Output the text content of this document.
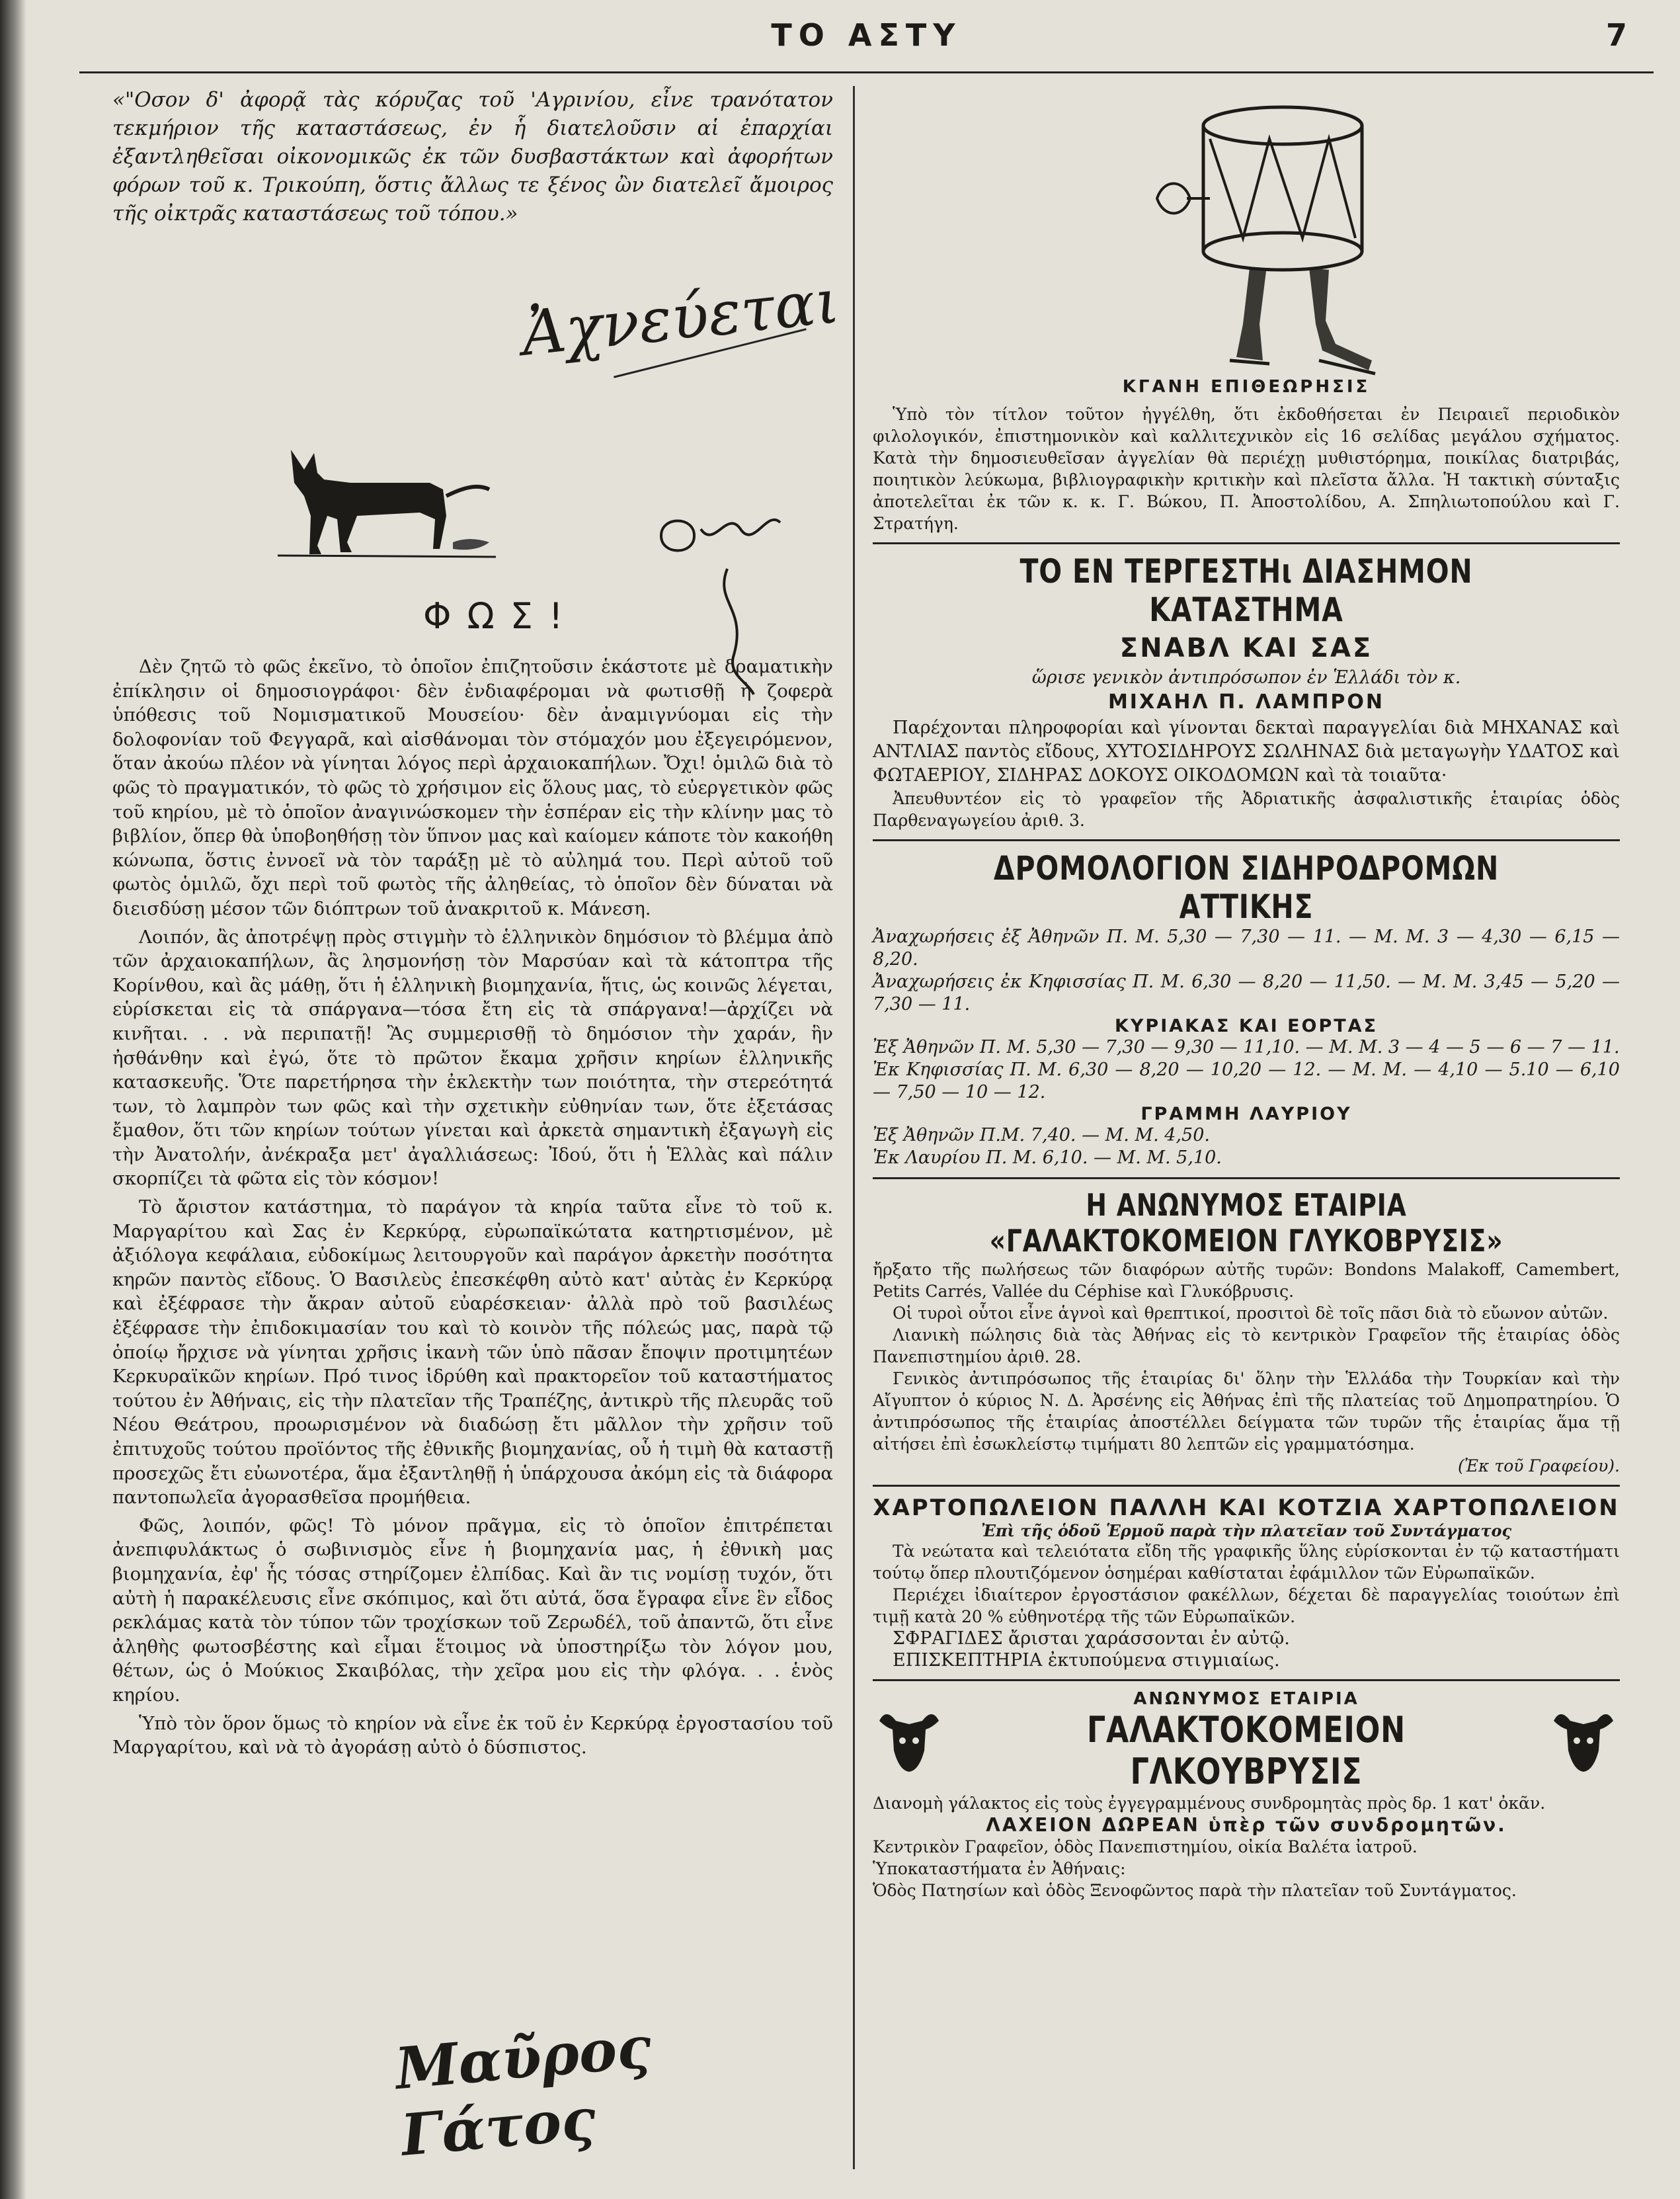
ΤΟ ΑΣΤΥ	7

«"Οσον δ' ἀφορᾷ τὰς κόρυζας τοῦ 'Αγρινίου, εἶνε τρανότατον τεκμήριον τῆς καταστάσεως, ἐν ἧ διατελοῦσιν αἱ ἐπαρχίαι ἐξαντληθεῖσαι οἰκονομικῶς ἐκ τῶν δυσβαστάκτων καὶ ἀφορήτων φόρων τοῦ κ. Τρικούπη, ὅστις ἄλλως τε ξένος ὢν διατελεῖ ἄμοιρος τῆς οἰκτρᾶς καταστάσεως τοῦ τόπου.»

Ἀχνεύεται
ὁμ ἡ
ΦΩΣ!

Δὲν ζητῶ τὸ φῶς ἐκεῖνο, τὸ ὁποῖον ἐπιζητοῦσιν ἑκάστοτε μὲ δραματικὴν ἐπίκλησιν οἱ δημοσιογράφοι· δὲν ἐνδιαφέρομαι νὰ φωτισθῇ ἡ ζοφερὰ ὑπόθεσις τοῦ Νομισματικοῦ Μουσείου· δὲν ἀναμιγνύομαι εἰς τὴν δολοφονίαν τοῦ Φεγγαρᾶ, καὶ αἰσθάνομαι τὸν στόμαχόν μου ἐξεγειρόμενον, ὅταν ἀκούω πλέον νὰ γίνηται λόγος περὶ ἀρχαιοκαπήλων. Ὄχι! ὁμιλῶ διὰ τὸ φῶς τὸ πραγματικόν, τὸ φῶς τὸ χρήσιμον εἰς ὅλους μας, τὸ εὐεργετικὸν φῶς τοῦ κηρίου, μὲ τὸ ὁποῖον ἀναγινώσκομεν τὴν ἑσπέραν εἰς τὴν κλίνην μας τὸ βιβλίον, ὅπερ θὰ ὑποβοηθήσῃ τὸν ὕπνον μας καὶ καίομεν κάποτε τὸν κακοήθη κώνωπα, ὅστις ἐννοεῖ νὰ τὸν ταράξῃ μὲ τὸ αὐλημά του. Περὶ αὐτοῦ τοῦ φωτὸς ὁμιλῶ, ὄχι περὶ τοῦ φωτὸς τῆς ἀληθείας, τὸ ὁποῖον δὲν δύναται νὰ διεισδύσῃ μέσον τῶν διόπτρων τοῦ ἀνακριτοῦ κ. Μάνεση.

Λοιπόν, ἂς ἀποτρέψῃ πρὸς στιγμὴν τὸ ἑλληνικὸν δημόσιον τὸ βλέμμα ἀπὸ τῶν ἀρχαιοκαπήλων, ἂς λησμονήσῃ τὸν Μαρσύαν καὶ τὰ κάτοπτρα τῆς Κορίνθου, καὶ ἂς μάθῃ, ὅτι ἡ ἑλληνικὴ βιομηχανία, ἥτις, ὡς κοινῶς λέγεται, εὑρίσκεται εἰς τὰ σπάργανα—τόσα ἔτη εἰς τὰ σπάργανα!—ἀρχίζει νὰ κινῆται. . . νὰ περιπατῇ! Ἂς συμμερισθῇ τὸ δημόσιον τὴν χαράν, ἣν ἠσθάνθην καὶ ἐγώ, ὅτε τὸ πρῶτον ἔκαμα χρῆσιν κηρίων ἑλληνικῆς κατασκευῆς. Ὅτε παρετήρησα τὴν ἐκλεκτὴν των ποιότητα, τὴν στερεότητά των, τὸ λαμπρὸν των φῶς καὶ τὴν σχετικὴν εὐθηνίαν των, ὅτε ἐξετάσας ἔμαθον, ὅτι τῶν κηρίων τούτων γίνεται καὶ ἀρκετὰ σημαντικὴ ἐξαγωγὴ εἰς τὴν Ἀνατολήν, ἀνέκραξα μετ' ἀγαλλιάσεως: Ἰδού, ὅτι ἡ Ἑλλὰς καὶ πάλιν σκορπίζει τὰ φῶτα εἰς τὸν κόσμον!

Τὸ ἄριστον κατάστημα, τὸ παράγον τὰ κηρία ταῦτα εἶνε τὸ τοῦ κ. Μαργαρίτου καὶ Σας ἐν Κερκύρᾳ, εὐρωπαϊκώτατα κατηρτισμένον, μὲ ἀξιόλογα κεφάλαια, εὐδοκίμως λειτουργοῦν καὶ παράγον ἀρκετὴν ποσότητα κηρῶν παντὸς εἴδους. Ὁ Βασιλεὺς ἐπεσκέφθη αὐτὸ κατ' αὐτὰς ἐν Κερκύρᾳ καὶ ἐξέφρασε τὴν ἄκραν αὐτοῦ εὐαρέσκειαν· ἀλλὰ πρὸ τοῦ βασιλέως ἐξέφρασε τὴν ἐπιδοκιμασίαν του καὶ τὸ κοινὸν τῆς πόλεώς μας, παρὰ τῷ ὁποίῳ ἤρχισε νὰ γίνηται χρῆσις ἱκανὴ τῶν ὑπὸ πᾶσαν ἔποψιν προτιμητέων Κερκυραϊκῶν κηρίων. Πρό τινος ἱδρύθη καὶ πρακτορεῖον τοῦ καταστήματος τούτου ἐν Ἀθήναις, εἰς τὴν πλατεῖαν τῆς Τραπέζης, ἀντικρὺ τῆς πλευρᾶς τοῦ Νέου Θεάτρου, προωρισμένον νὰ διαδώσῃ ἔτι μᾶλλον τὴν χρῆσιν τοῦ ἐπιτυχοῦς τούτου προϊόντος τῆς ἐθνικῆς βιομηχανίας, οὗ ἡ τιμὴ θὰ καταστῇ προσεχῶς ἔτι εὐωνοτέρα, ἅμα ἐξαντληθῇ ἡ ὑπάρχουσα ἀκόμη εἰς τὰ διάφορα παντοπωλεῖα ἀγορασθεῖσα προμήθεια.

Φῶς, λοιπόν, φῶς! Τὸ μόνον πρᾶγμα, εἰς τὸ ὁποῖον ἐπιτρέπεται ἀνεπιφυλάκτως ὁ σωβινισμὸς εἶνε ἡ βιομηχανία μας, ἡ ἐθνικὴ μας βιομηχανία, ἐφ' ἧς τόσας στηρίζομεν ἐλπίδας. Καὶ ἂν τις νομίσῃ τυχόν, ὅτι αὐτὴ ἡ παρακέλευσις εἶνε σκόπιμος, καὶ ὅτι αὐτά, ὅσα ἔγραφα εἶνε ἓν εἶδος ρεκλάμας κατὰ τὸν τύπον τῶν τροχίσκων τοῦ Ζερωδέλ, τοῦ ἀπαντῶ, ὅτι εἶνε ἀληθὴς φωτοσβέστης καὶ εἶμαι ἕτοιμος νὰ ὑποστηρίξω τὸν λόγον μου, θέτων, ὡς ὁ Μούκιος Σκαιβόλας, τὴν χεῖρα μου εἰς τὴν φλόγα. . . ἑνὸς κηρίου.

Ὑπὸ τὸν ὅρον ὅμως τὸ κηρίον νὰ εἶνε ἐκ τοῦ ἐν Κερκύρᾳ ἐργοστασίου τοῦ Μαργαρίτου, καὶ νὰ τὸ ἀγοράσῃ αὐτὸ ὁ δύσπιστος.

Μαῦρος Γάτος

ΚΓΑΝΗ ΕΠΙΘΕΩΡΗΣΙΣ

Ὑπὸ τὸν τίτλον τοῦτον ἠγγέλθη, ὅτι ἐκδοθήσεται ἐν Πειραιεῖ περιοδικὸν φιλολογικόν, ἐπιστημονικὸν καὶ καλλιτεχνικὸν εἰς 16 σελίδας μεγάλου σχήματος. Κατὰ τὴν δημοσιευθεῖσαν ἀγγελίαν θὰ περιέχῃ μυθιστόρημα, ποικίλας διατριβάς, ποιητικὸν λεύκωμα, βιβλιογραφικὴν κριτικὴν καὶ πλεῖστα ἄλλα. Ἡ τακτικὴ σύνταξις ἀποτελεῖται ἐκ τῶν κ. κ. Γ. Βώκου, Π. Ἀποστολίδου, Α. Σπηλιωτοπούλου καὶ Γ. Στρατήγη.

ΤΟ ΕΝ ΤΕΡΓΕΣΤΗι ΔΙΑΣΗΜΟΝ ΚΑΤΑΣΤΗΜΑ

ΣΝΑΒΛ ΚΑΙ ΣΑΣ

ὥρισε γενικὸν ἀντιπρόσωπον ἐν Ἑλλάδι τὸν κ.

ΜΙΧΑΗΛ Π. ΛΑΜΠΡΟΝ

Παρέχονται πληροφορίαι καὶ γίνονται δεκταὶ παραγγελίαι διὰ ΜΗΧΑΝΑΣ καὶ ΑΝΤΛΙΑΣ παντὸς εἴδους, ΧΥΤΟΣΙΔΗΡΟΥΣ ΣΩΛΗΝΑΣ διὰ μεταγωγὴν ΥΔΑΤΟΣ καὶ ΦΩΤΑΕΡΙΟΥ, ΣΙΔΗΡΑΣ ΔΟΚΟΥΣ ΟΙΚΟΔΟΜΩΝ καὶ τὰ τοιαῦτα·

Ἀπευθυντέον εἰς τὸ γραφεῖον τῆς Ἀδριατικῆς ἀσφαλιστικῆς ἑταιρίας ὁδὸς Παρθεναγωγείου ἀριθ. 3.

ΔΡΟΜΟΛΟΓΙΟΝ ΣΙΔΗΡΟΔΡΟΜΩΝ ΑΤΤΙΚΗΣ

Ἀναχωρήσεις ἐξ Ἀθηνῶν Π. Μ. 5,30 — 7,30 — 11. — Μ. Μ. 3 — 4,30 — 6,15 — 8,20.

Ἀναχωρήσεις ἐκ Κηφισσίας Π. Μ. 6,30 — 8,20 — 11,50. — Μ. Μ. 3,45 — 5,20 — 7,30 — 11.

ΚΥΡΙΑΚΑΣ ΚΑΙ ΕΟΡΤΑΣ

Ἐξ Ἀθηνῶν Π. Μ. 5,30 — 7,30 — 9,30 — 11,10. — Μ. Μ. 3 — 4 — 5 — 6 — 7 — 11.

Ἐκ Κηφισσίας Π. Μ. 6,30 — 8,20 — 10,20 — 12. — Μ. Μ. — 4,10 — 5.10 — 6,10 — 7,50 — 10 — 12.

ΓΡΑΜΜΗ ΛΑΥΡΙΟΥ

Ἐξ Ἀθηνῶν Π.Μ. 7,40. — Μ. Μ. 4,50.

Ἐκ Λαυρίου Π. Μ. 6,10. — Μ. Μ. 5,10.

Η ΑΝΩΝΥΜΟΣ ΕΤΑΙΡΙΑ «ΓΑΛΑΚΤΟΚΟΜΕΙΟΝ ΓΛΥΚΟΒΡΥΣΙΣ»

ἤρξατο τῆς πωλήσεως τῶν διαφόρων αὐτῆς τυρῶν: Bondons Malakoff, Camembert, Petits Carrés, Vallée du Céphise καὶ Γλυκόβρυσις.

Οἱ τυροὶ οὗτοι εἶνε ἁγνοὶ καὶ θρεπτικοί, προσιτοὶ δὲ τοῖς πᾶσι διὰ τὸ εὔωνον αὐτῶν.

Λιανικὴ πώλησις διὰ τὰς Ἀθήνας εἰς τὸ κεντρικὸν Γραφεῖον τῆς ἑταιρίας ὁδὸς Πανεπιστημίου ἀριθ. 28.

Γενικὸς ἀντιπρόσωπος τῆς ἑταιρίας δι' ὅλην τὴν Ἑλλάδα τὴν Τουρκίαν καὶ τὴν Αἴγυπτον ὁ κύριος Ν. Δ. Ἀρσένης εἰς Ἀθήνας ἐπὶ τῆς πλατείας τοῦ Δημοπρατηρίου. Ὁ ἀντιπρόσωπος τῆς ἑταιρίας ἀποστέλλει δείγματα τῶν τυρῶν τῆς ἑταιρίας ἅμα τῇ αἰτήσει ἐπὶ ἐσωκλείστῳ τιμήματι 80 λεπτῶν εἰς γραμματόσημα.

(Ἐκ τοῦ Γραφείου).

ΧΑΡΤΟΠΩΛΕΙΟΝ ΠΑΛΛΗ ΚΑΙ ΚΟΤΖΙΑ ΧΑΡΤΟΠΩΛΕΙΟΝ

Ἐπὶ τῆς ὁδοῦ Ἑρμοῦ παρὰ τὴν πλατεῖαν τοῦ Συντάγματος

Τὰ νεώτατα καὶ τελειότατα εἴδη τῆς γραφικῆς ὕλης εὑρίσκονται ἐν τῷ καταστήματι τούτῳ ὅπερ πλουτιζόμενον ὁσημέραι καθίσταται ἐφάμιλλον τῶν Εὐρωπαϊκῶν.

Περιέχει ἰδιαίτερον ἐργοστάσιον φακέλλων, δέχεται δὲ παραγγελίας τοιούτων ἐπὶ τιμῇ κατὰ 20 % εὐθηνοτέρᾳ τῆς τῶν Εὐρωπαϊκῶν.

ΣΦΡΑΓΙΔΕΣ ἄρισται χαράσσονται ἐν αὐτῷ.

ΕΠΙΣΚΕΠΤΗΡΙΑ ἐκτυπούμενα στιγμιαίως.

ΑΝΩΝΥΜΟΣ ΕΤΑΙΡΙΑ

ΓΑΛΑΚΤΟΚΟΜΕΙΟΝ ΓΛΚΟΥΒΡΥΣΙΣ

Διανομὴ γάλακτος εἰς τοὺς ἐγγεγραμμένους συνδρομητὰς πρὸς δρ. 1 κατ' ὀκᾶν.

ΛΑΧΕΙΟΝ ΔΩΡΕΑΝ ὑπὲρ τῶν συνδρομητῶν.

Κεντρικὸν Γραφεῖον, ὁδὸς Πανεπιστημίου, οἰκία Βαλέτα ἰατροῦ.

Ὑποκαταστήματα ἐν Ἀθήναις:

Ὁδὸς Πατησίων καὶ ὁδὸς Ξενοφῶντος παρὰ τὴν πλατεῖαν τοῦ Συντάγματος.
